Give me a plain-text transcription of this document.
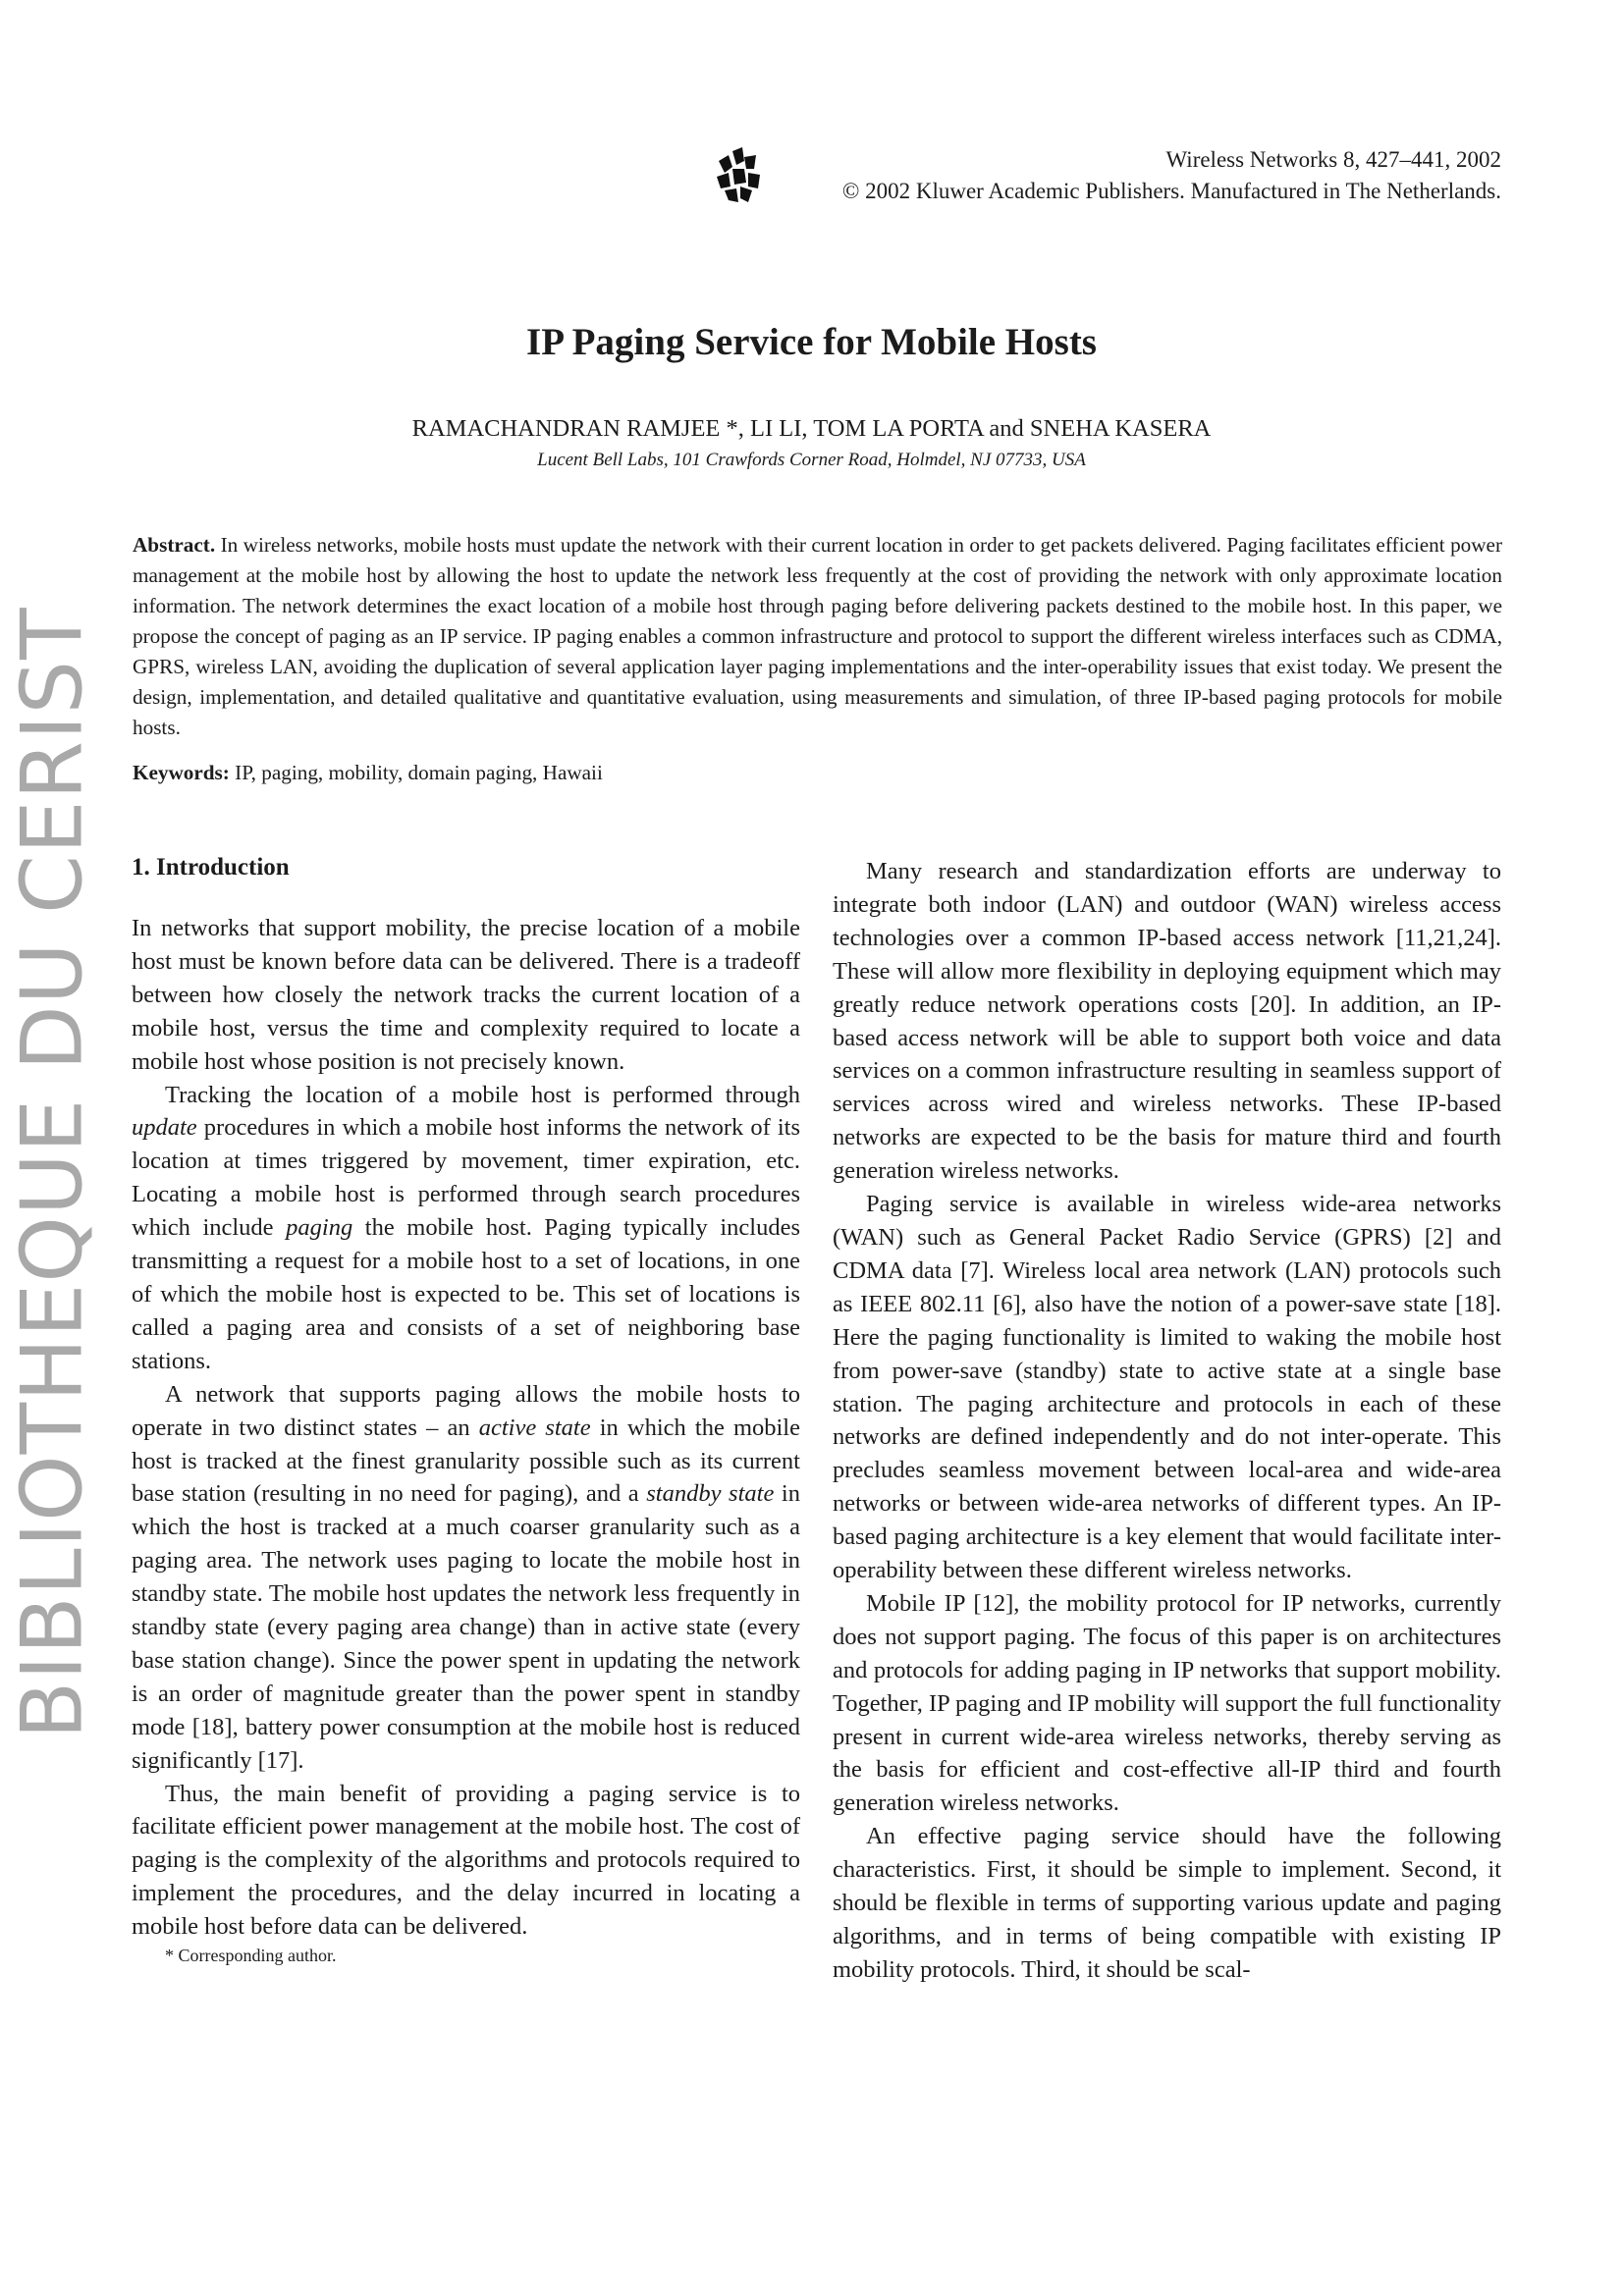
BIBLIOTHEQUE DU CERIST
Wireless Networks 8, 427–441, 2002
© 2002 Kluwer Academic Publishers. Manufactured in The Netherlands.
IP Paging Service for Mobile Hosts
RAMACHANDRAN RAMJEE *, LI LI, TOM LA PORTA and SNEHA KASERA
Lucent Bell Labs, 101 Crawfords Corner Road, Holmdel, NJ 07733, USA
Abstract. In wireless networks, mobile hosts must update the network with their current location in order to get packets delivered. Paging facilitates efficient power management at the mobile host by allowing the host to update the network less frequently at the cost of providing the network with only approximate location information. The network determines the exact location of a mobile host through paging before delivering packets destined to the mobile host. In this paper, we propose the concept of paging as an IP service. IP paging enables a common infrastructure and protocol to support the different wireless interfaces such as CDMA, GPRS, wireless LAN, avoiding the duplication of several application layer paging implementations and the inter-operability issues that exist today. We present the design, implementation, and detailed qualitative and quantitative evaluation, using measurements and simulation, of three IP-based paging protocols for mobile hosts.
Keywords: IP, paging, mobility, domain paging, Hawaii
1. Introduction

In networks that support mobility, the precise location of a mobile host must be known before data can be delivered. There is a tradeoff between how closely the network tracks the current location of a mobile host, versus the time and complexity required to locate a mobile host whose position is not precisely known.

Tracking the location of a mobile host is performed through update procedures in which a mobile host informs the network of its location at times triggered by movement, timer expiration, etc. Locating a mobile host is performed through search procedures which include paging the mobile host. Paging typically includes transmitting a request for a mobile host to a set of locations, in one of which the mobile host is expected to be. This set of locations is called a paging area and consists of a set of neighboring base stations.

A network that supports paging allows the mobile hosts to operate in two distinct states – an active state in which the mobile host is tracked at the finest granularity possible such as its current base station (resulting in no need for paging), and a standby state in which the host is tracked at a much coarser granularity such as a paging area. The network uses paging to locate the mobile host in standby state. The mobile host updates the network less frequently in standby state (every paging area change) than in active state (every base station change). Since the power spent in updating the network is an order of magnitude greater than the power spent in standby mode [18], battery power consumption at the mobile host is reduced significantly [17].

Thus, the main benefit of providing a paging service is to facilitate efficient power management at the mobile host. The cost of paging is the complexity of the algorithms and protocols required to implement the procedures, and the delay incurred in locating a mobile host before data can be delivered.

* Corresponding author.

Many research and standardization efforts are underway to integrate both indoor (LAN) and outdoor (WAN) wireless access technologies over a common IP-based access network [11,21,24]. These will allow more flexibility in deploying equipment which may greatly reduce network operations costs [20]. In addition, an IP-based access network will be able to support both voice and data services on a common infrastructure resulting in seamless support of services across wired and wireless networks. These IP-based networks are expected to be the basis for mature third and fourth generation wireless networks.

Paging service is available in wireless wide-area networks (WAN) such as General Packet Radio Service (GPRS) [2] and CDMA data [7]. Wireless local area network (LAN) protocols such as IEEE 802.11 [6], also have the notion of a power-save state [18]. Here the paging functionality is limited to waking the mobile host from power-save (standby) state to active state at a single base station. The paging architecture and protocols in each of these networks are defined independently and do not inter-operate. This precludes seamless movement between local-area and wide-area networks or between wide-area networks of different types. An IP-based paging architecture is a key element that would facilitate inter-operability between these different wireless networks.

Mobile IP [12], the mobility protocol for IP networks, currently does not support paging. The focus of this paper is on architectures and protocols for adding paging in IP networks that support mobility. Together, IP paging and IP mobility will support the full functionality present in current wide-area wireless networks, thereby serving as the basis for efficient and cost-effective all-IP third and fourth generation wireless networks.

An effective paging service should have the following characteristics. First, it should be simple to implement. Second, it should be flexible in terms of supporting various update and paging algorithms, and in terms of being compatible with existing IP mobility protocols. Third, it should be scal-
